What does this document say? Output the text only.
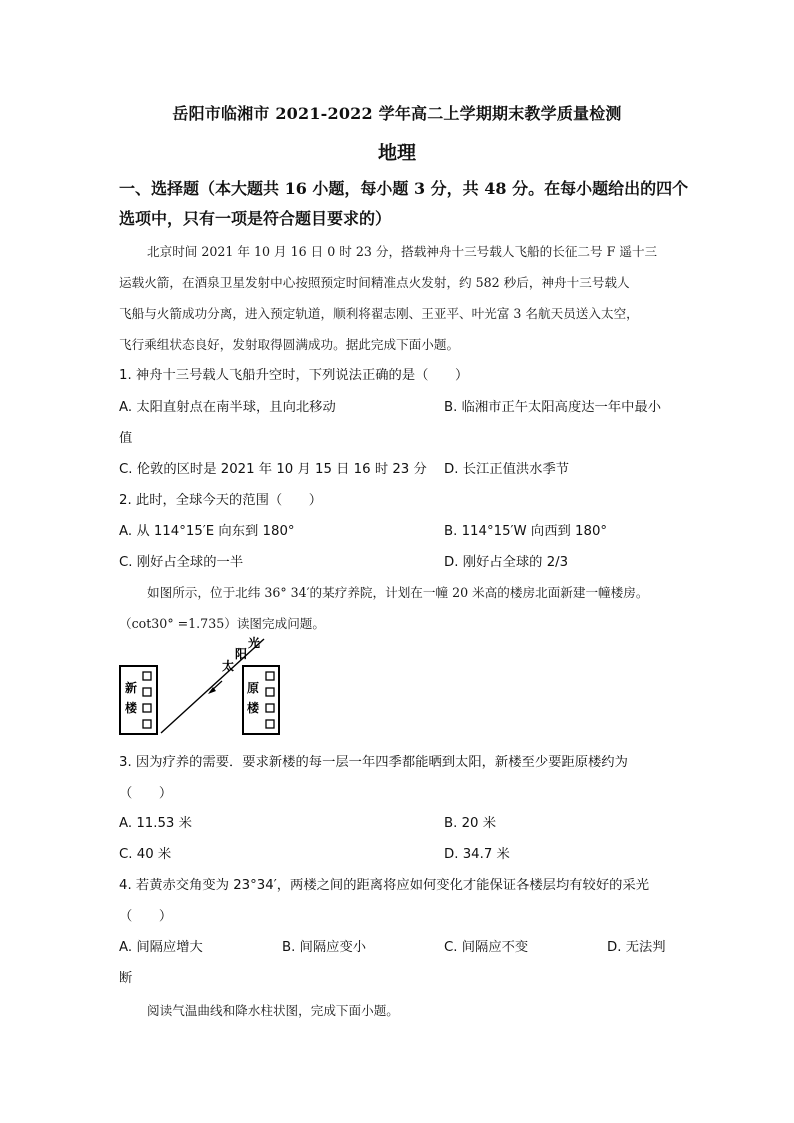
岳阳市临湘市 2021-2022 学年高二上学期期末教学质量检测
地理
一、选择题（本大题共 16 小题，每小题 3 分，共 48 分。在每小题给出的四个
选项中，只有一项是符合题目要求的）
北京时间 2021 年 10 月 16 日 0 时 23 分，搭载神舟十三号载人飞船的长征二号 F 遥十三
运载火箭，在酒泉卫星发射中心按照预定时间精准点火发射，约 582 秒后，神舟十三号载人
飞船与火箭成功分离，进入预定轨道，顺利将翟志刚、王亚平、叶光富 3 名航天员送入太空，
飞行乘组状态良好，发射取得圆满成功。据此完成下面小题。
1. 神舟十三号载人飞船升空时，下列说法正确的是（　　）
A. 太阳直射点在南半球，且向北移动	B. 临湘市正午太阳高度达一年中最小
值
C. 伦敦的区时是 2021 年 10 月 15 日 16 时 23 分 D. 长江正值洪水季节
2. 此时，全球今天的范围（　　）
A. 从 114°15′E 向东到 180°	B. 114°15′W 向西到 180°
C. 刚好占全球的一半	D. 刚好占全球的 2/3
如图所示，位于北纬 36° 34′的某疗养院，计划在一幢 20 米高的楼房北面新建一幢楼房。
（cot30° =1.735）读图完成问题。
新
楼
原
楼
太
阳
光
3. 因为疗养的需要．要求新楼的每一层一年四季都能晒到太阳，新楼至少要距原楼约为
（　　）
A. 11.53 米	B. 20 米
C. 40 米	D. 34.7 米
4. 若黄赤交角变为 23°34′，两楼之间的距离将应如何变化才能保证各楼层均有较好的采光
（　　）
A. 间隔应增大	B. 间隔应变小	C. 间隔应不变	D. 无法判
断
阅读气温曲线和降水柱状图，完成下面小题。
